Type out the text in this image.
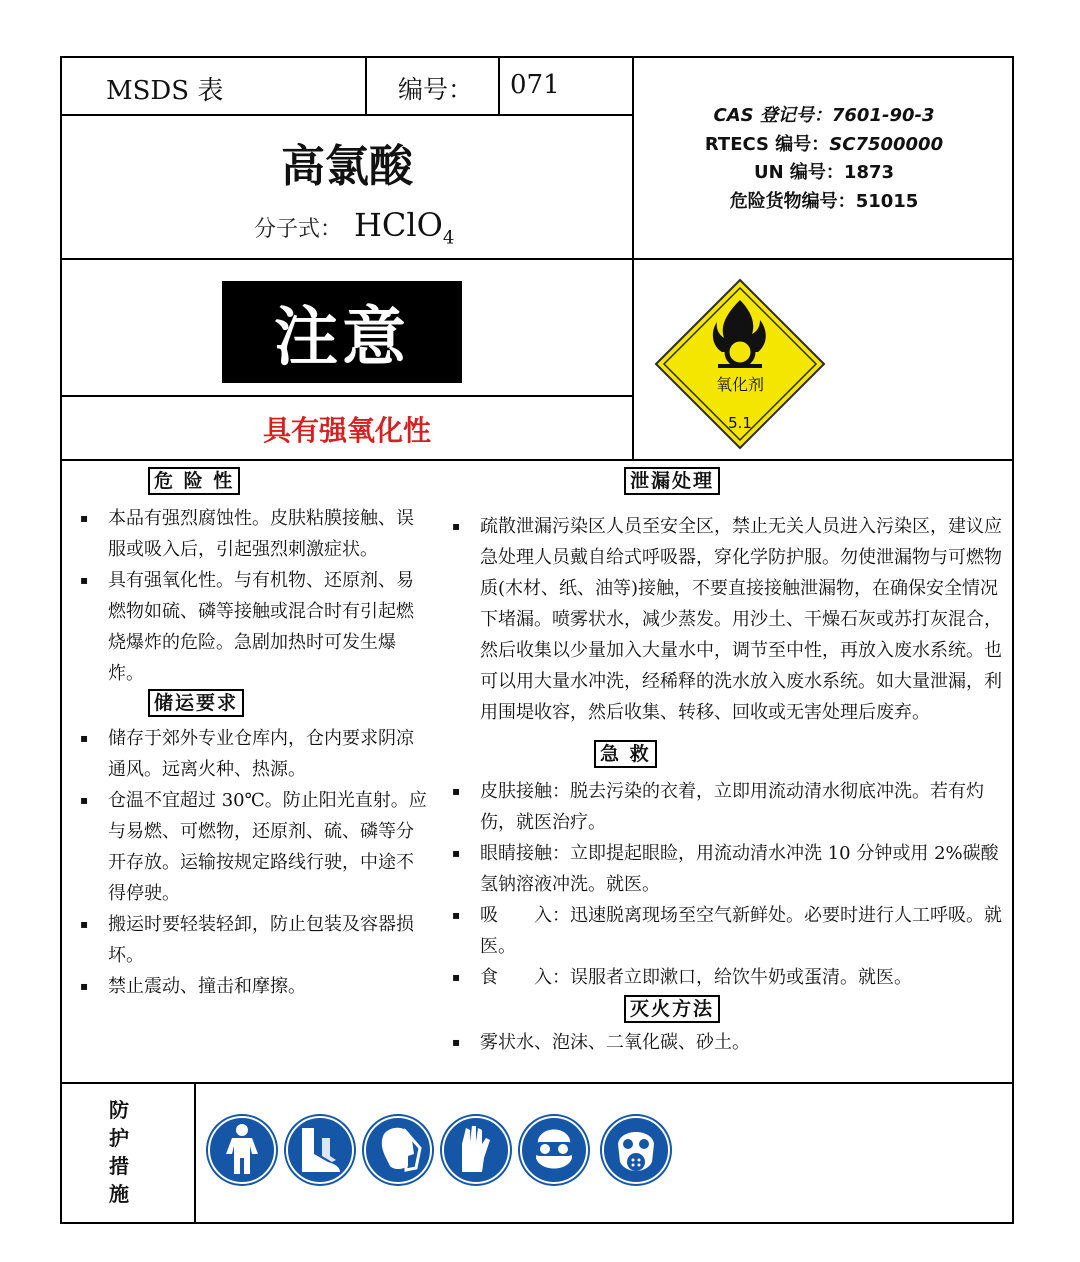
MSDS 表	编号： 071
高氯酸
分子式： HClO$_4$
CAS 登记号：7601-90-3
RTECS 编号：SC7500000
UN 编号：1873
危险货物编号：51015
注意
具有强氧化性
氧化剂
5.1
危 险 性
▪ 本品有强烈腐蚀性。皮肤粘膜接触、误服或吸入后，引起强烈刺激症状。
▪ 具有强氧化性。与有机物、还原剂、易燃物如硫、磷等接触或混合时有引起燃烧爆炸的危险。急剧加热时可发生爆炸。
储运要求
▪ 储存于郊外专业仓库内，仓内要求阴凉通风。远离火种、热源。
▪ 仓温不宜超过 30℃。防止阳光直射。应与易燃、可燃物，还原剂、硫、磷等分开存放。运输按规定路线行驶，中途不得停驶。
▪ 搬运时要轻装轻卸，防止包装及容器损坏。
▪ 禁止震动、撞击和摩擦。
泄漏处理
▪ 疏散泄漏污染区人员至安全区，禁止无关人员进入污染区，建议应急处理人员戴自给式呼吸器，穿化学防护服。勿使泄漏物与可燃物质(木材、纸、油等)接触，不要直接接触泄漏物，在确保安全情况下堵漏。喷雾状水，减少蒸发。用沙土、干燥石灰或苏打灰混合，然后收集以少量加入大量水中，调节至中性，再放入废水系统。也可以用大量水冲洗，经稀释的洗水放入废水系统。如大量泄漏，利用围堤收容，然后收集、转移、回收或无害处理后废弃。
急 救
▪ 皮肤接触：脱去污染的衣着，立即用流动清水彻底冲洗。若有灼伤，就医治疗。
▪ 眼睛接触：立即提起眼睑，用流动清水冲洗 10 分钟或用 2%碳酸氢钠溶液冲洗。就医。
▪ 吸　　入：迅速脱离现场至空气新鲜处。必要时进行人工呼吸。就医。
▪ 食　　入：误服者立即漱口，给饮牛奶或蛋清。就医。
灭火方法
▪ 雾状水、泡沫、二氧化碳、砂土。
防
护
措
施
